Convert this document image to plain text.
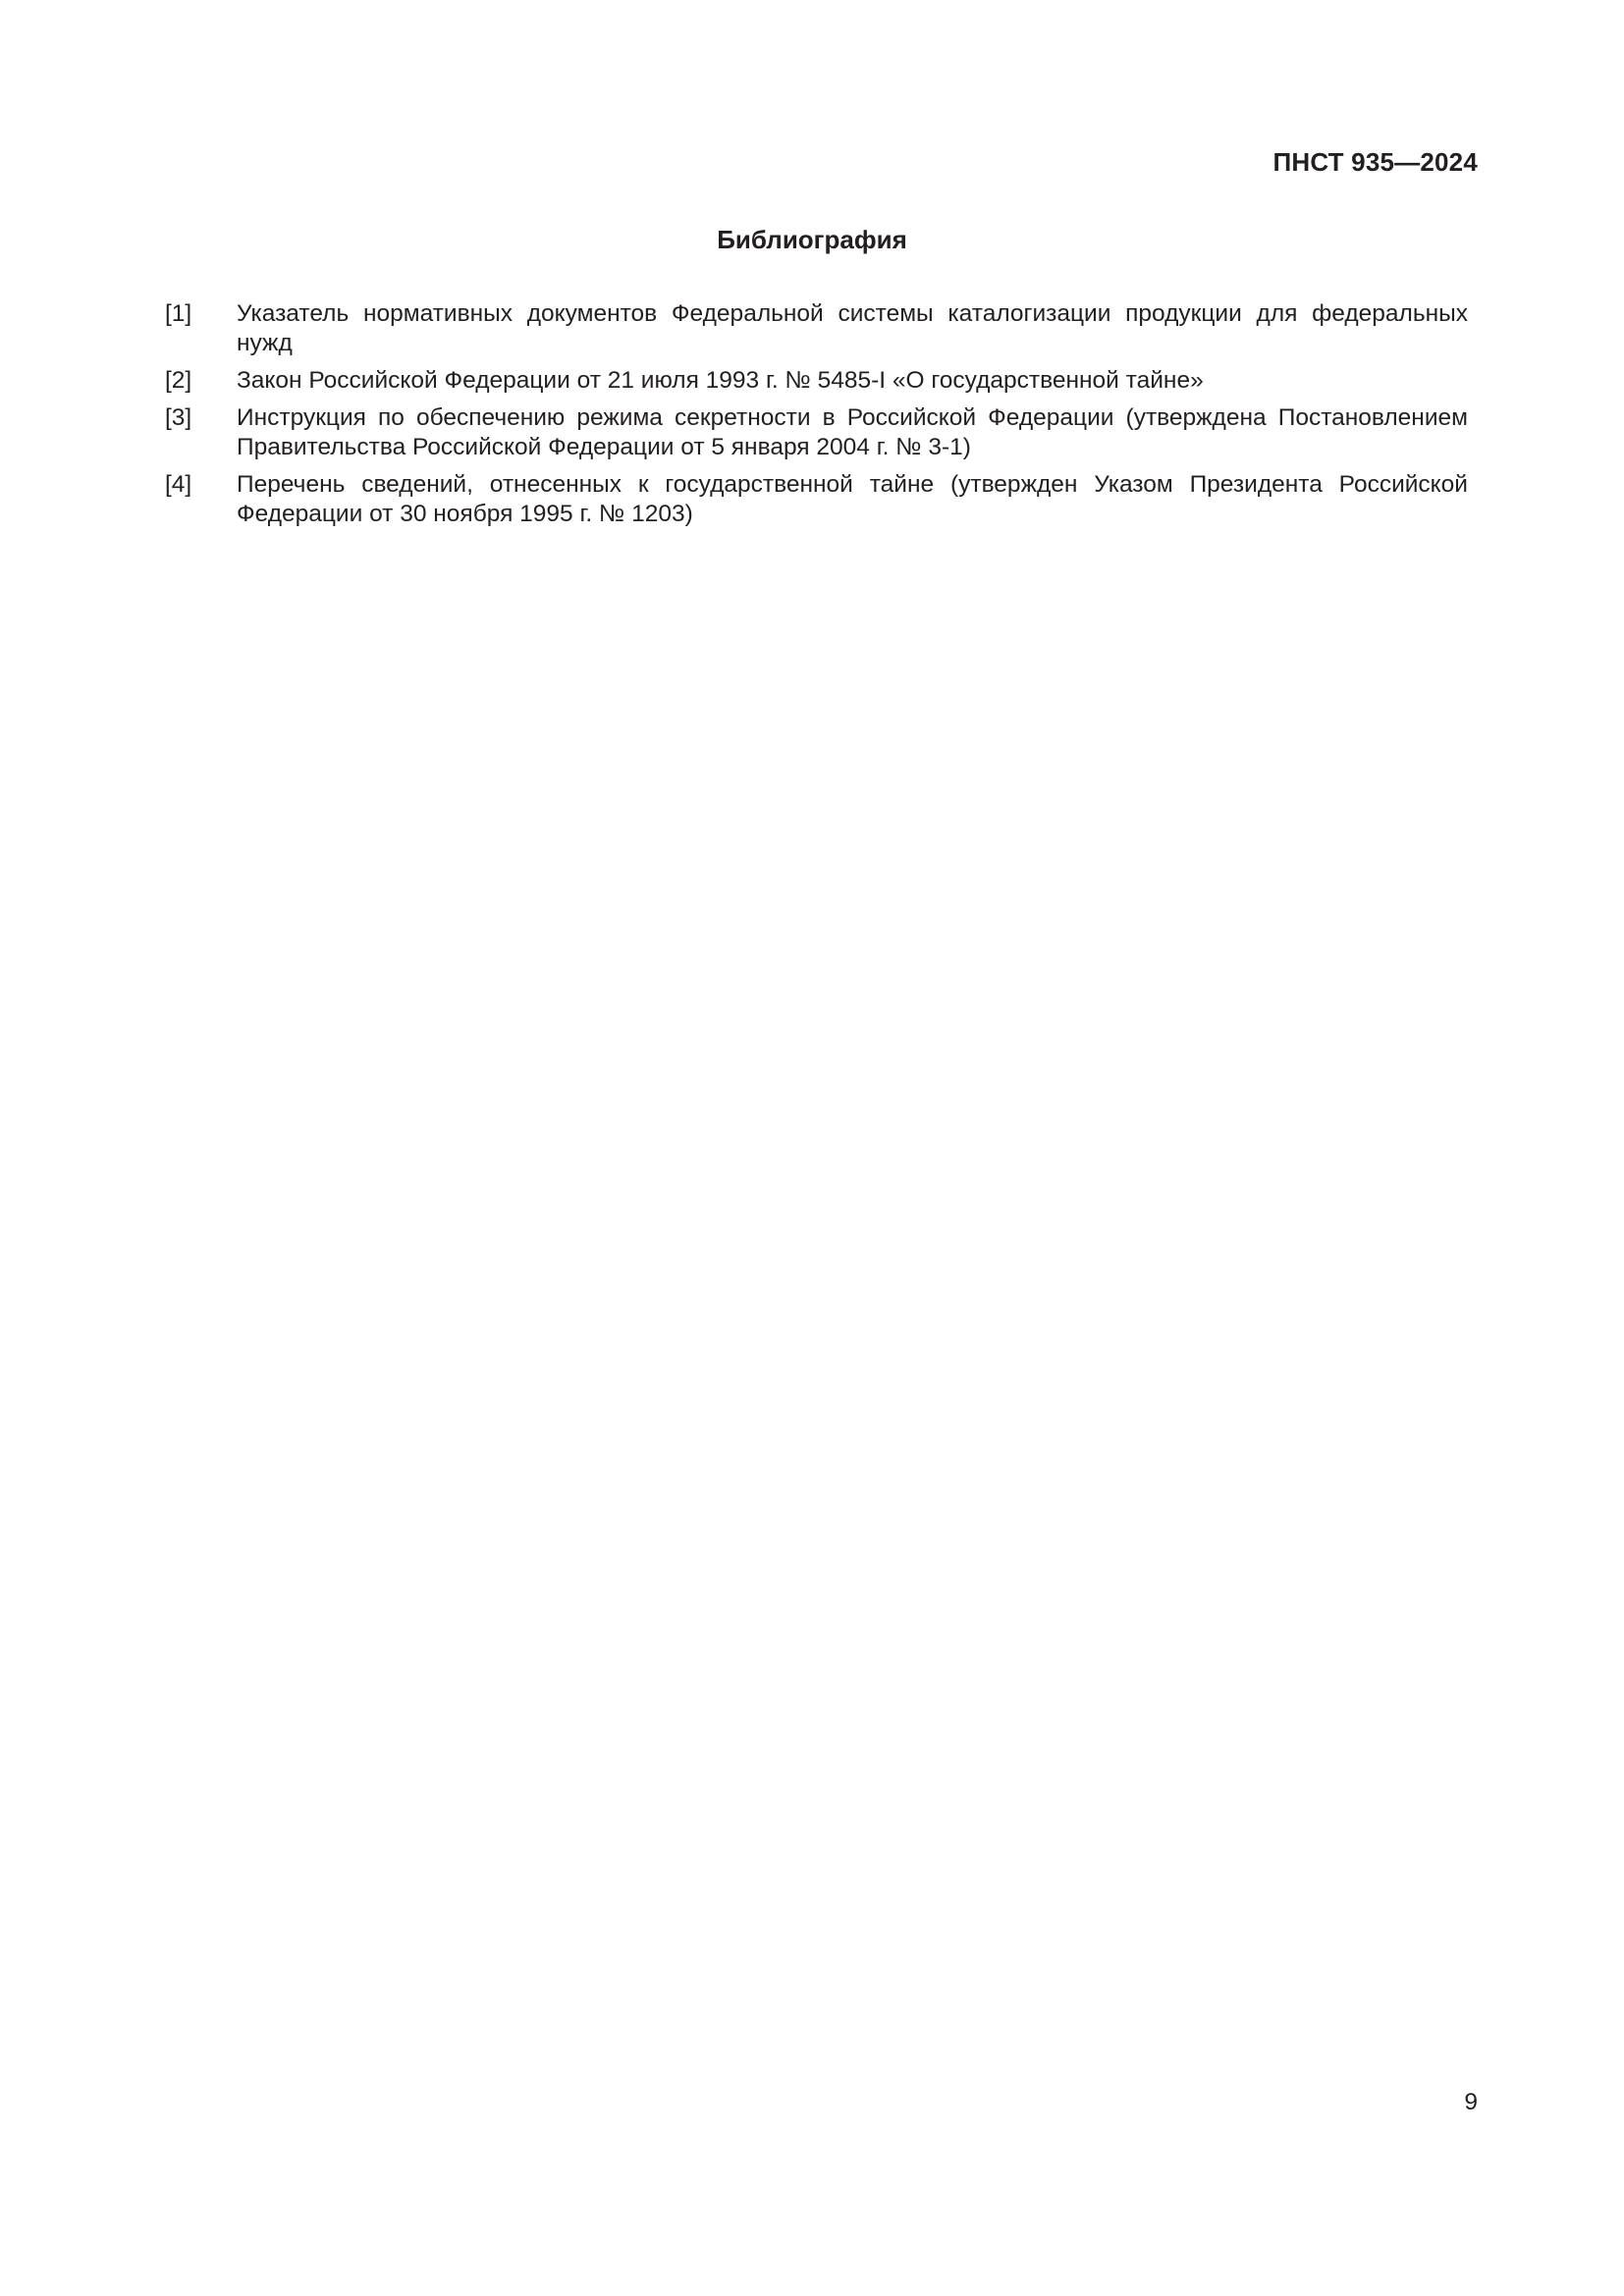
ПНСТ 935—2024
Библиография
[1]	Указатель нормативных документов Федеральной системы каталогизации продукции для федеральных нужд
[2]	Закон Российской Федерации от 21 июля 1993 г. № 5485-I «О государственной тайне»
[3]	Инструкция по обеспечению режима секретности в Российской Федерации (утверждена Постановлением Правительства Российской Федерации от 5 января 2004 г. № 3-1)
[4]	Перечень сведений, отнесенных к государственной тайне (утвержден Указом Президента Российской Федерации от 30 ноября 1995 г. № 1203)
9
